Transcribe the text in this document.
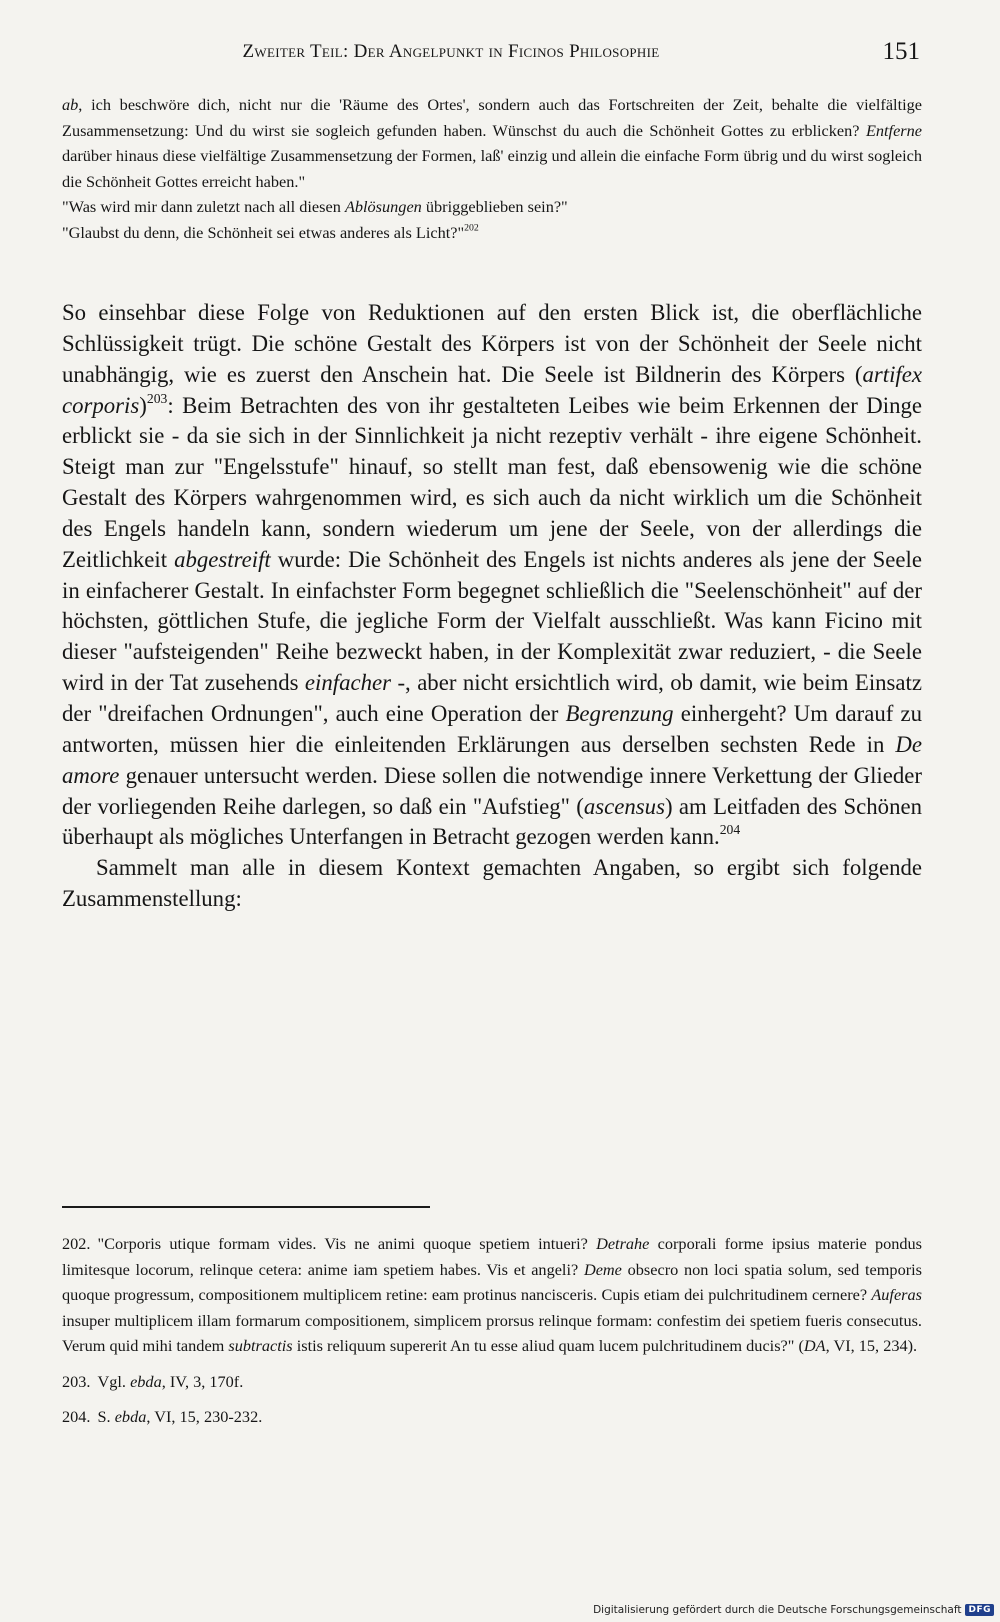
Zweiter Teil: Der Angelpunkt in Ficinos Philosophie	151

ab, ich beschwöre dich, nicht nur die 'Räume des Ortes', sondern auch das Fortschreiten der Zeit, behalte die vielfältige Zusammensetzung: Und du wirst sie sogleich gefunden haben. Wünschst du auch die Schönheit Gottes zu erblicken? Entferne darüber hinaus diese vielfältige Zusammensetzung der Formen, laß' einzig und allein die einfache Form übrig und du wirst sogleich die Schönheit Gottes erreicht haben."

"Was wird mir dann zuletzt nach all diesen Ablösungen übriggeblieben sein?"

"Glaubst du denn, die Schönheit sei etwas anderes als Licht?"$^{202}$

So einsehbar diese Folge von Reduktionen auf den ersten Blick ist, die oberflächliche Schlüssigkeit trügt. Die schöne Gestalt des Körpers ist von der Schönheit der Seele nicht unabhängig, wie es zuerst den Anschein hat. Die Seele ist Bildnerin des Körpers (artifex corporis)$^{203}$: Beim Betrachten des von ihr gestalteten Leibes wie beim Erkennen der Dinge erblickt sie - da sie sich in der Sinnlichkeit ja nicht rezeptiv verhält - ihre eigene Schönheit. Steigt man zur "Engelsstufe" hinauf, so stellt man fest, daß ebensowenig wie die schöne Gestalt des Körpers wahrgenommen wird, es sich auch da nicht wirklich um die Schönheit des Engels handeln kann, sondern wiederum um jene der Seele, von der allerdings die Zeitlichkeit abgestreift wurde: Die Schönheit des Engels ist nichts anderes als jene der Seele in einfacherer Gestalt. In einfachster Form begegnet schließlich die "Seelenschönheit" auf der höchsten, göttlichen Stufe, die jegliche Form der Vielfalt ausschließt. Was kann Ficino mit dieser "aufsteigenden" Reihe bezweckt haben, in der Komplexität zwar reduziert, - die Seele wird in der Tat zusehends einfacher -, aber nicht ersichtlich wird, ob damit, wie beim Einsatz der "dreifachen Ordnungen", auch eine Operation der Begrenzung einhergeht? Um darauf zu antworten, müssen hier die einleitenden Erklärungen aus derselben sechsten Rede in De amore genauer untersucht werden. Diese sollen die notwendige innere Verkettung der Glieder der vorliegenden Reihe darlegen, so daß ein "Aufstieg" (ascensus) am Leitfaden des Schönen überhaupt als mögliches Unterfangen in Betracht gezogen werden kann.$^{204}$

Sammelt man alle in diesem Kontext gemachten Angaben, so ergibt sich folgende Zusammenstellung:

202. "Corporis utique formam vides. Vis ne animi quoque spetiem intueri? Detrahe corporali forme ipsius materie pondus limitesque locorum, relinque cetera: anime iam spetiem habes. Vis et angeli? Deme obsecro non loci spatia solum, sed temporis quoque progressum, compositionem multiplicem retine: eam protinus nancisceris. Cupis etiam dei pulchritudinem cernere? Auferas insuper multiplicem illam formarum compositionem, simplicem prorsus relinque formam: confestim dei spetiem fueris consecutus. Verum quid mihi tandem subtractis istis reliquum supererit An tu esse aliud quam lucem pulchritudinem ducis?" (DA, VI, 15, 234).

203. Vgl. ebda, IV, 3, 170f.

204. S. ebda, VI, 15, 230-232.

Digitalisierung gefördert durch die Deutsche Forschungsgemeinschaft DFG
